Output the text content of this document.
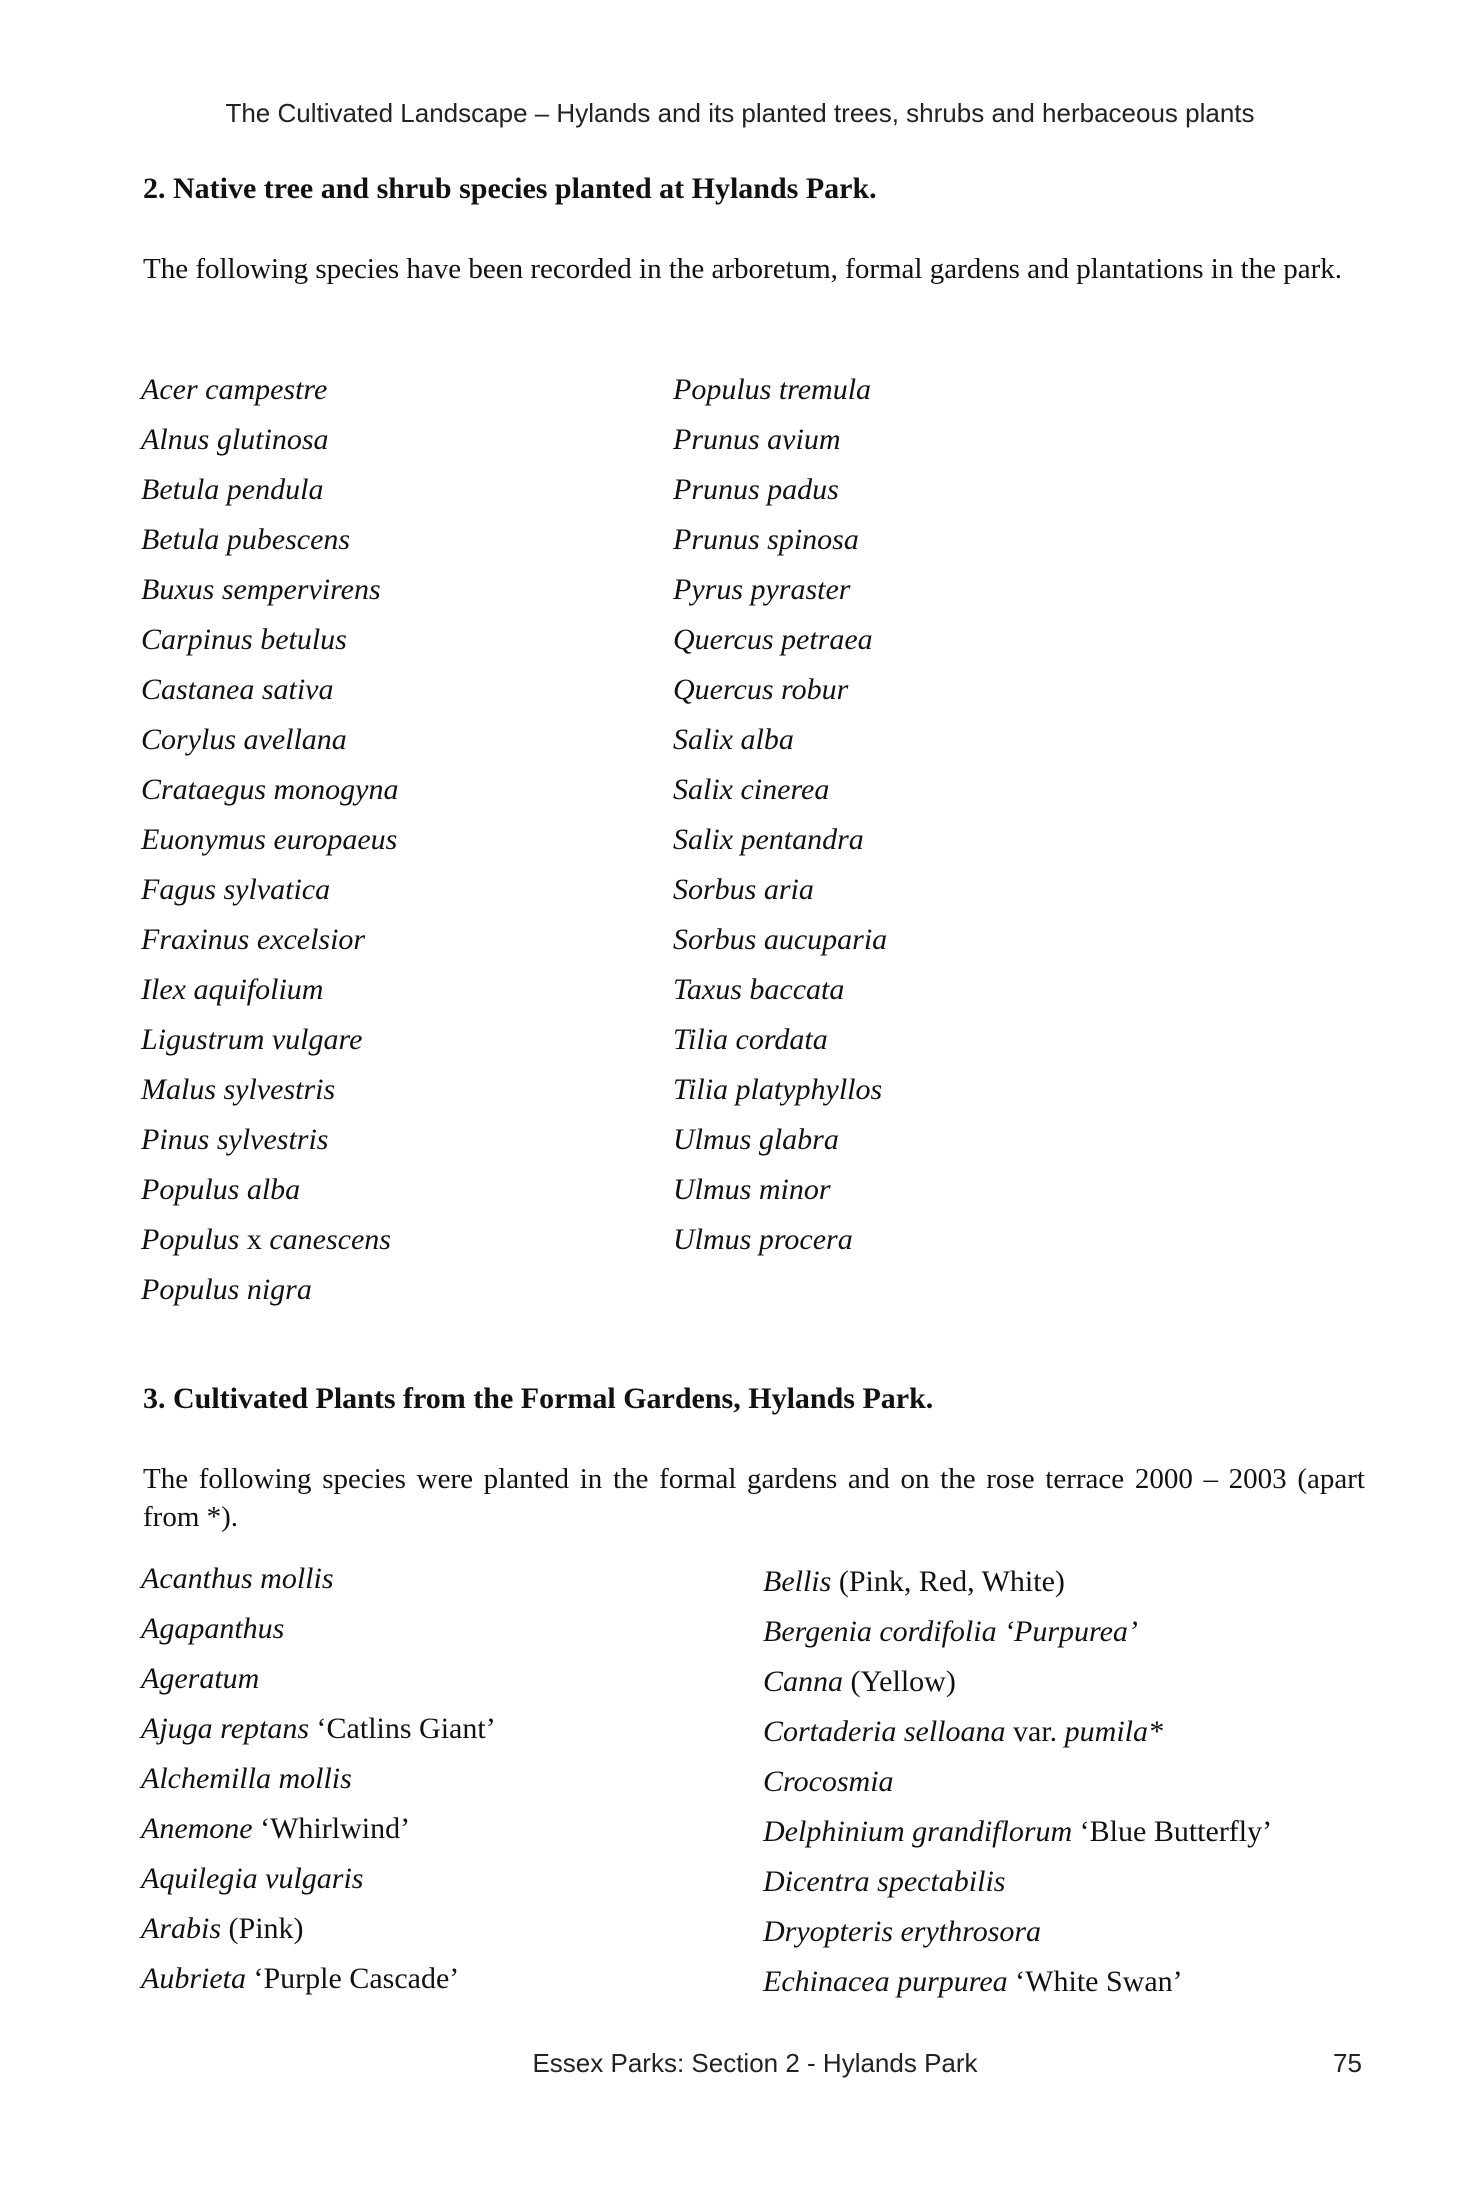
The Cultivated Landscape – Hylands and its planted trees, shrubs and herbaceous plants
2. Native tree and shrub species planted at Hylands Park.

The following species have been recorded in the arboretum, formal gardens and plantations in the park.

Acer campestre
Alnus glutinosa
Betula pendula
Betula pubescens
Buxus sempervirens
Carpinus betulus
Castanea sativa
Corylus avellana
Crataegus monogyna
Euonymus europaeus
Fagus sylvatica
Fraxinus excelsior
Ilex aquifolium
Ligustrum vulgare
Malus sylvestris
Pinus sylvestris
Populus alba
Populus x canescens
Populus nigra
Populus tremula
Prunus avium
Prunus padus
Prunus spinosa
Pyrus pyraster
Quercus petraea
Quercus robur
Salix alba
Salix cinerea
Salix pentandra
Sorbus aria
Sorbus aucuparia
Taxus baccata
Tilia cordata
Tilia platyphyllos
Ulmus glabra
Ulmus minor
Ulmus procera
3. Cultivated Plants from the Formal Gardens, Hylands Park.

The following species were planted in the formal gardens and on the rose terrace 2000 – 2003 (apart from *).

Acanthus mollis
Agapanthus
Ageratum
Ajuga reptans ‘Catlins Giant’
Alchemilla mollis
Anemone ‘Whirlwind’
Aquilegia vulgaris
Arabis (Pink)
Aubrieta ‘Purple Cascade’
Bellis (Pink, Red, White)
Bergenia cordifolia ‘Purpurea’
Canna (Yellow)
Cortaderia selloana var. pumila*
Crocosmia
Delphinium grandiflorum ‘Blue Butterfly’
Dicentra spectabilis
Dryopteris erythrosora
Echinacea purpurea ‘White Swan’
Essex Parks: Section 2 - Hylands Park	75
